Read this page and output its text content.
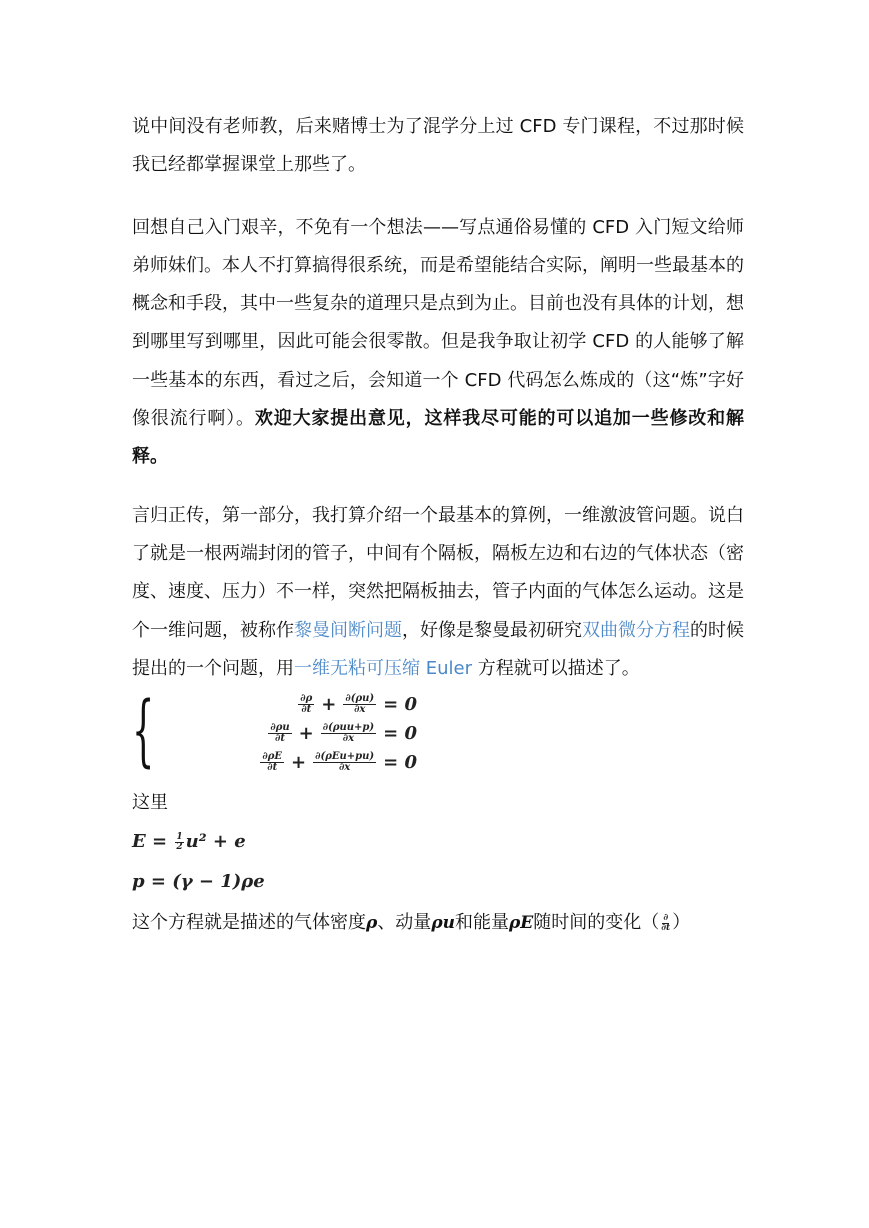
说中间没有老师教，后来赌博士为了混学分上过 CFD 专门课程，不过那时候我已经都掌握课堂上那些了。

回想自己入门艰辛，不免有一个想法——写点通俗易懂的 CFD 入门短文给师弟师妹们。本人不打算搞得很系统，而是希望能结合实际，阐明一些最基本的概念和手段，其中一些复杂的道理只是点到为止。目前也没有具体的计划，想到哪里写到哪里，因此可能会很零散。但是我争取让初学 CFD 的人能够了解一些基本的东西，看过之后，会知道一个 CFD 代码怎么炼成的（这“炼”字好像很流行啊）。欢迎大家提出意见，这样我尽可能的可以追加一些修改和解释。

言归正传，第一部分，我打算介绍一个最基本的算例，一维激波管问题。说白了就是一根两端封闭的管子，中间有个隔板，隔板左边和右边的气体状态（密度、速度、压力）不一样，突然把隔板抽去，管子内面的气体怎么运动。这是个一维问题，被称作黎曼间断问题，好像是黎曼最初研究双曲微分方程的时候提出的一个问题，用一维无粘可压缩 Euler 方程就可以描述了。

{	$\frac{\partial\rho}{\partial t} + \frac{\partial(\rho u)}{\partial x} = 0$
$\frac{\partial\rho u}{\partial t} + \frac{\text{∂(ρuu+p)}}{\partial x} = 0$
$\frac{\partial\rho E}{\partial t} + \frac{\text{∂(ρEu+pu)}}{\partial x} = 0$

这里

$E = \frac{1}{2} u^2 + e$

p = (γ − 1)ρe

这个方程就是描述的气体密度ρ、动量ρu和能量ρE随时间的变化（ ∂
∂t ）
